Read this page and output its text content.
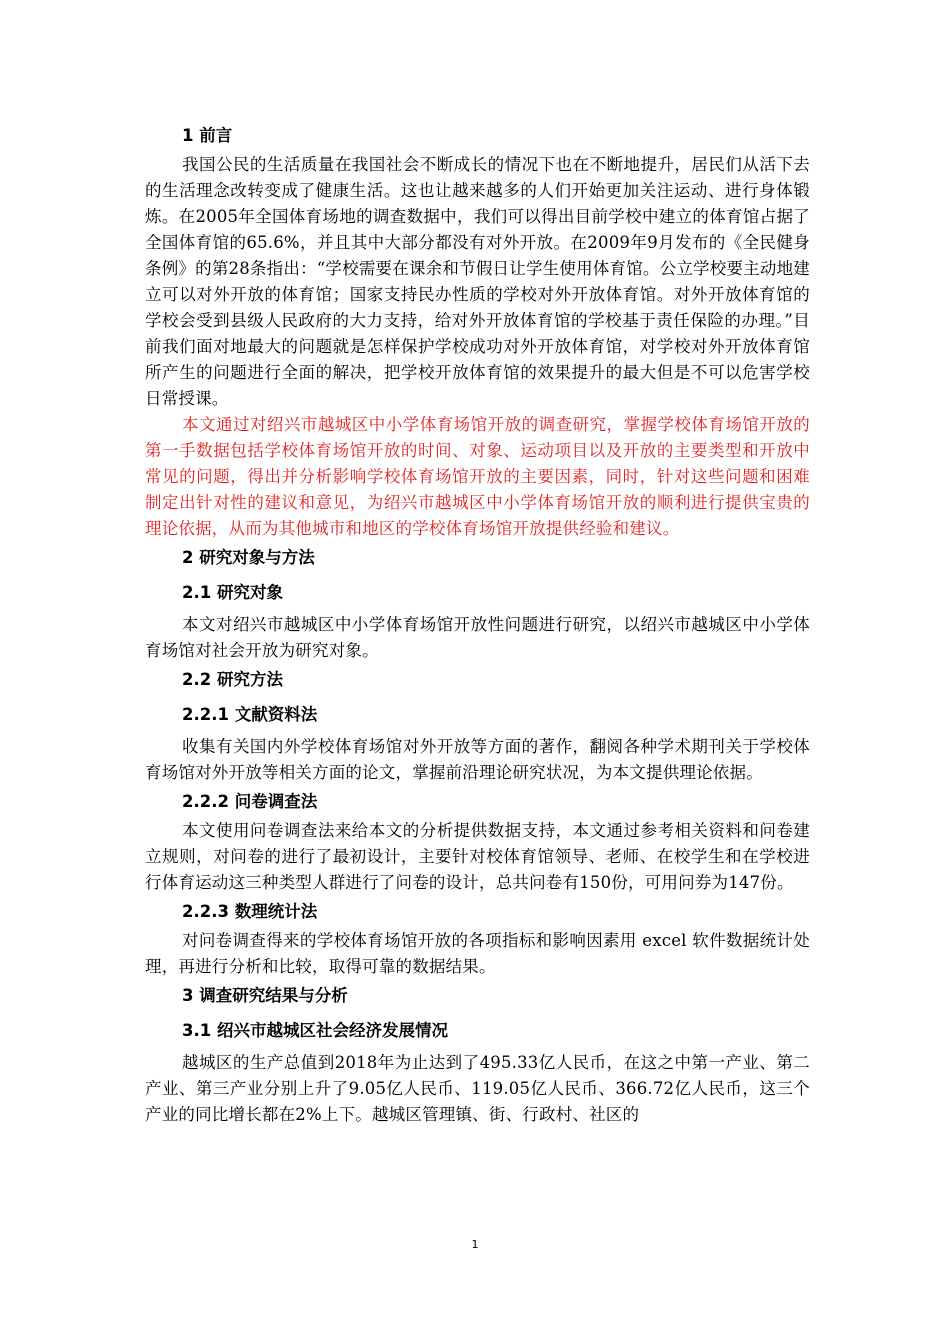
1 前言

我国公民的生活质量在我国社会不断成长的情况下也在不断地提升，居民们从活下去的生活理念改转变成了健康生活。这也让越来越多的人们开始更加关注运动、进行身体锻炼。在2005年全国体育场地的调查数据中，我们可以得出目前学校中建立的体育馆占据了全国体育馆的65.6%，并且其中大部分都没有对外开放。在2009年9月发布的《全民健身条例》的第28条指出：“学校需要在课余和节假日让学生使用体育馆。公立学校要主动地建立可以对外开放的体育馆；国家支持民办性质的学校对外开放体育馆。对外开放体育馆的学校会受到县级人民政府的大力支持，给对外开放体育馆的学校基于责任保险的办理。”目前我们面对地最大的问题就是怎样保护学校成功对外开放体育馆，对学校对外开放体育馆所产生的问题进行全面的解决，把学校开放体育馆的效果提升的最大但是不可以危害学校日常授课。

本文通过对绍兴市越城区中小学体育场馆开放的调查研究，掌握学校体育场馆开放的第一手数据包括学校体育场馆开放的时间、对象、运动项目以及开放的主要类型和开放中常见的问题，得出并分析影响学校体育场馆开放的主要因素，同时，针对这些问题和困难制定出针对性的建议和意见，为绍兴市越城区中小学体育场馆开放的顺利进行提供宝贵的理论依据，从而为其他城市和地区的学校体育场馆开放提供经验和建议。

2 研究对象与方法
2.1 研究对象

本文对绍兴市越城区中小学体育场馆开放性问题进行研究，以绍兴市越城区中小学体育场馆对社会开放为研究对象。

2.2 研究方法
2.2.1 文献资料法

收集有关国内外学校体育场馆对外开放等方面的著作，翻阅各种学术期刊关于学校体育场馆对外开放等相关方面的论文，掌握前沿理论研究状况，为本文提供理论依据。

2.2.2 问卷调查法

本文使用问卷调查法来给本文的分析提供数据支持，本文通过参考相关资料和问卷建立规则，对问卷的进行了最初设计，主要针对校体育馆领导、老师、在校学生和在学校进行体育运动这三种类型人群进行了问卷的设计，总共问卷有150份，可用问券为147份。

2.2.3 数理统计法

对问卷调查得来的学校体育场馆开放的各项指标和影响因素用 excel 软件数据统计处理，再进行分析和比较，取得可靠的数据结果。

3 调查研究结果与分析
3.1 绍兴市越城区社会经济发展情况

越城区的生产总值到2018年为止达到了495.33亿人民币，在这之中第一产业、第二产业、第三产业分别上升了9.05亿人民币、119.05亿人民币、366.72亿人民币，这三个产业的同比增长都在2%上下。越城区管理镇、街、行政村、社区的

1
